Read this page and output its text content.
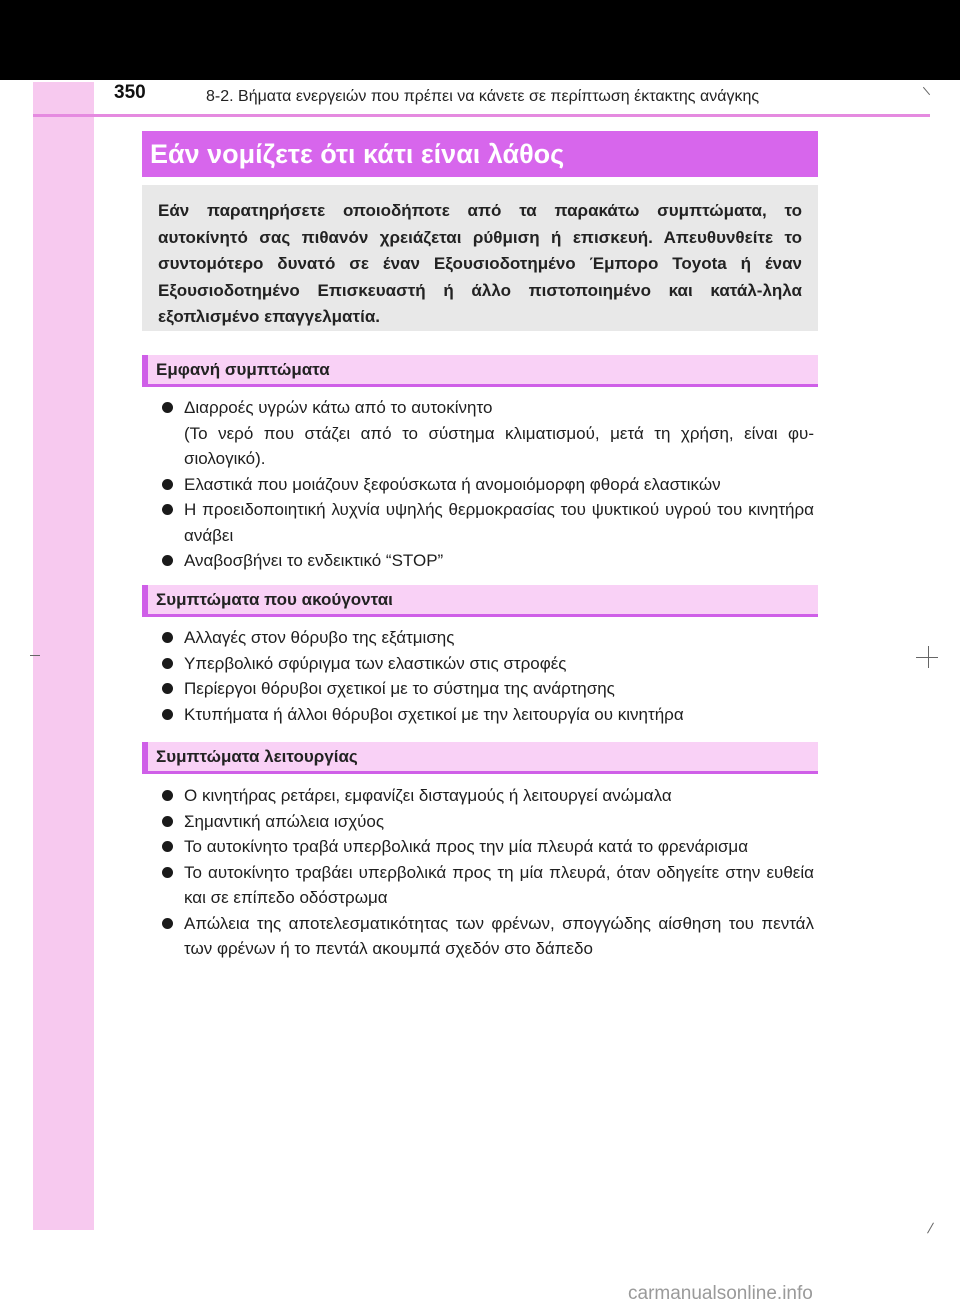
350	8-2. Βήματα ενεργειών που πρέπει να κάνετε σε περίπτωση έκτακτης ανάγκης
Εάν νομίζετε ότι κάτι είναι λάθος

Εάν παρατηρήσετε οποιοδήποτε από τα παρακάτω συμπτώματα, το αυτοκίνητό σας πιθανόν χρειάζεται ρύθμιση ή επισκευή. Απευθυνθείτε το συντομότερο δυνατό σε έναν Εξουσιοδοτημένο Έμπορο Toyota ή έναν Εξουσιοδοτημένο Επισκευαστή ή άλλο πιστοποιημένο και κατάλ-ληλα εξοπλισμένο επαγγελματία.

Εμφανή συμπτώματα
Διαρροές υγρών κάτω από το αυτοκίνητο
(Το νερό που στάζει από το σύστημα κλιματισμού, μετά τη χρήση, είναι φυ-σιολογικό).
Ελαστικά που μοιάζουν ξεφούσκωτα ή ανομοιόμορφη φθορά ελαστικών
Η προειδοποιητική λυχνία υψηλής θερμοκρασίας του ψυκτικού υγρού του κινητήρα ανάβει
Αναβοσβήνει το ενδεικτικό “STOP”
Συμπτώματα που ακούγονται
Αλλαγές στον θόρυβο της εξάτμισης
Υπερβολικό σφύριγμα των ελαστικών στις στροφές
Περίεργοι θόρυβοι σχετικοί με το σύστημα της ανάρτησης
Κτυπήματα ή άλλοι θόρυβοι σχετικοί με την λειτουργία ου κινητήρα
Συμπτώματα λειτουργίας
Ο κινητήρας ρετάρει, εμφανίζει δισταγμούς ή λειτουργεί ανώμαλα
Σημαντική απώλεια ισχύος
Το αυτοκίνητο τραβά υπερβολικά προς την μία πλευρά κατά το φρενάρισμα
Το αυτοκίνητο τραβάει υπερβολικά προς τη μία πλευρά, όταν οδηγείτε στην ευθεία και σε επίπεδο οδόστρωμα
Απώλεια της αποτελεσματικότητας των φρένων, σπογγώδης αίσθηση του πεντάλ των φρένων ή το πεντάλ ακουμπά σχεδόν στο δάπεδο
carmanualsonline.info
